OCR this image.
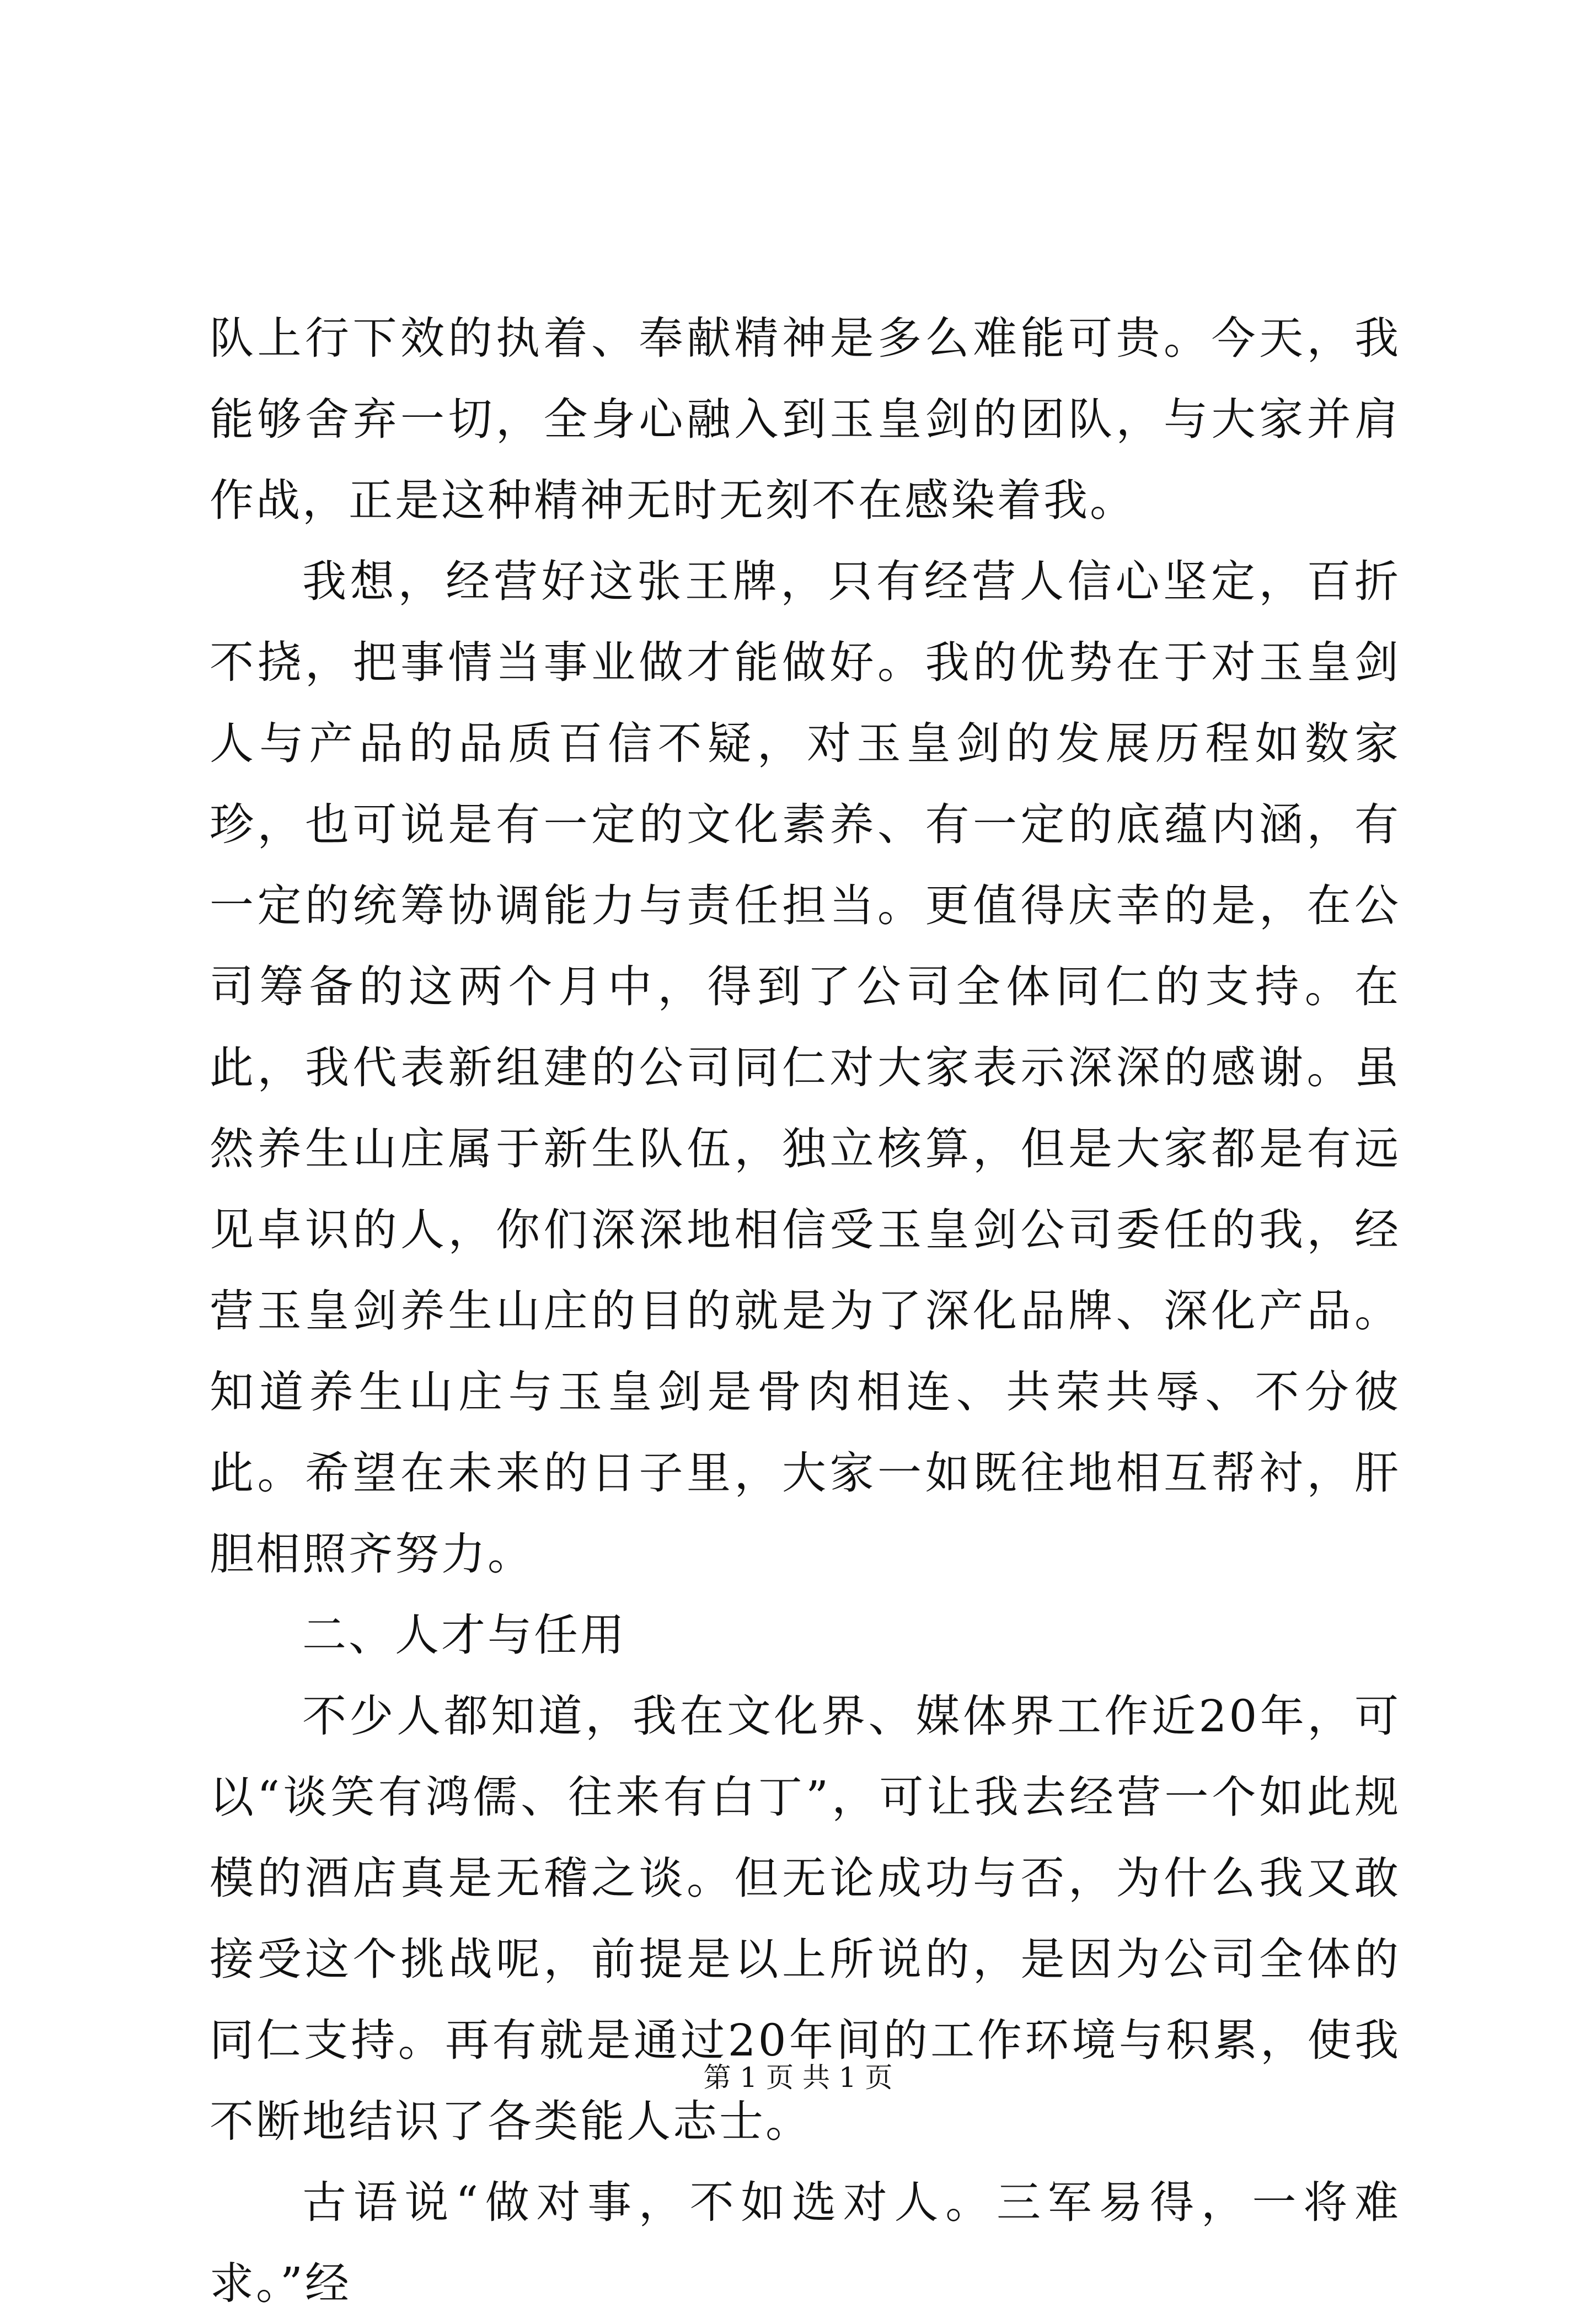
队上行下效的执着、奉献精神是多么难能可贵。今天，我能够舍弃一切，全身心融入到玉皇剑的团队，与大家并肩作战，正是这种精神无时无刻不在感染着我。

我想，经营好这张王牌，只有经营人信心坚定，百折不挠，把事情当事业做才能做好。我的优势在于对玉皇剑人与产品的品质百信不疑，对玉皇剑的发展历程如数家珍，也可说是有一定的文化素养、有一定的底蕴内涵，有一定的统筹协调能力与责任担当。更值得庆幸的是，在公司筹备的这两个月中，得到了公司全体同仁的支持。在此，我代表新组建的公司同仁对大家表示深深的感谢。虽然养生山庄属于新生队伍，独立核算，但是大家都是有远见卓识的人，你们深深地相信受玉皇剑公司委任的我，经营玉皇剑养生山庄的目的就是为了深化品牌、深化产品。知道养生山庄与玉皇剑是骨肉相连、共荣共辱、不分彼此。希望在未来的日子里，大家一如既往地相互帮衬，肝胆相照齐努力。

二、人才与任用

不少人都知道，我在文化界、媒体界工作近20年，可以“谈笑有鸿儒、往来有白丁”，可让我去经营一个如此规模的酒店真是无稽之谈。但无论成功与否，为什么我又敢接受这个挑战呢，前提是以上所说的，是因为公司全体的同仁支持。再有就是通过20年间的工作环境与积累，使我不断地结识了各类能人志士。

古语说“做对事，不如选对人。三军易得，一将难求。”经

第 1 页 共 1 页
